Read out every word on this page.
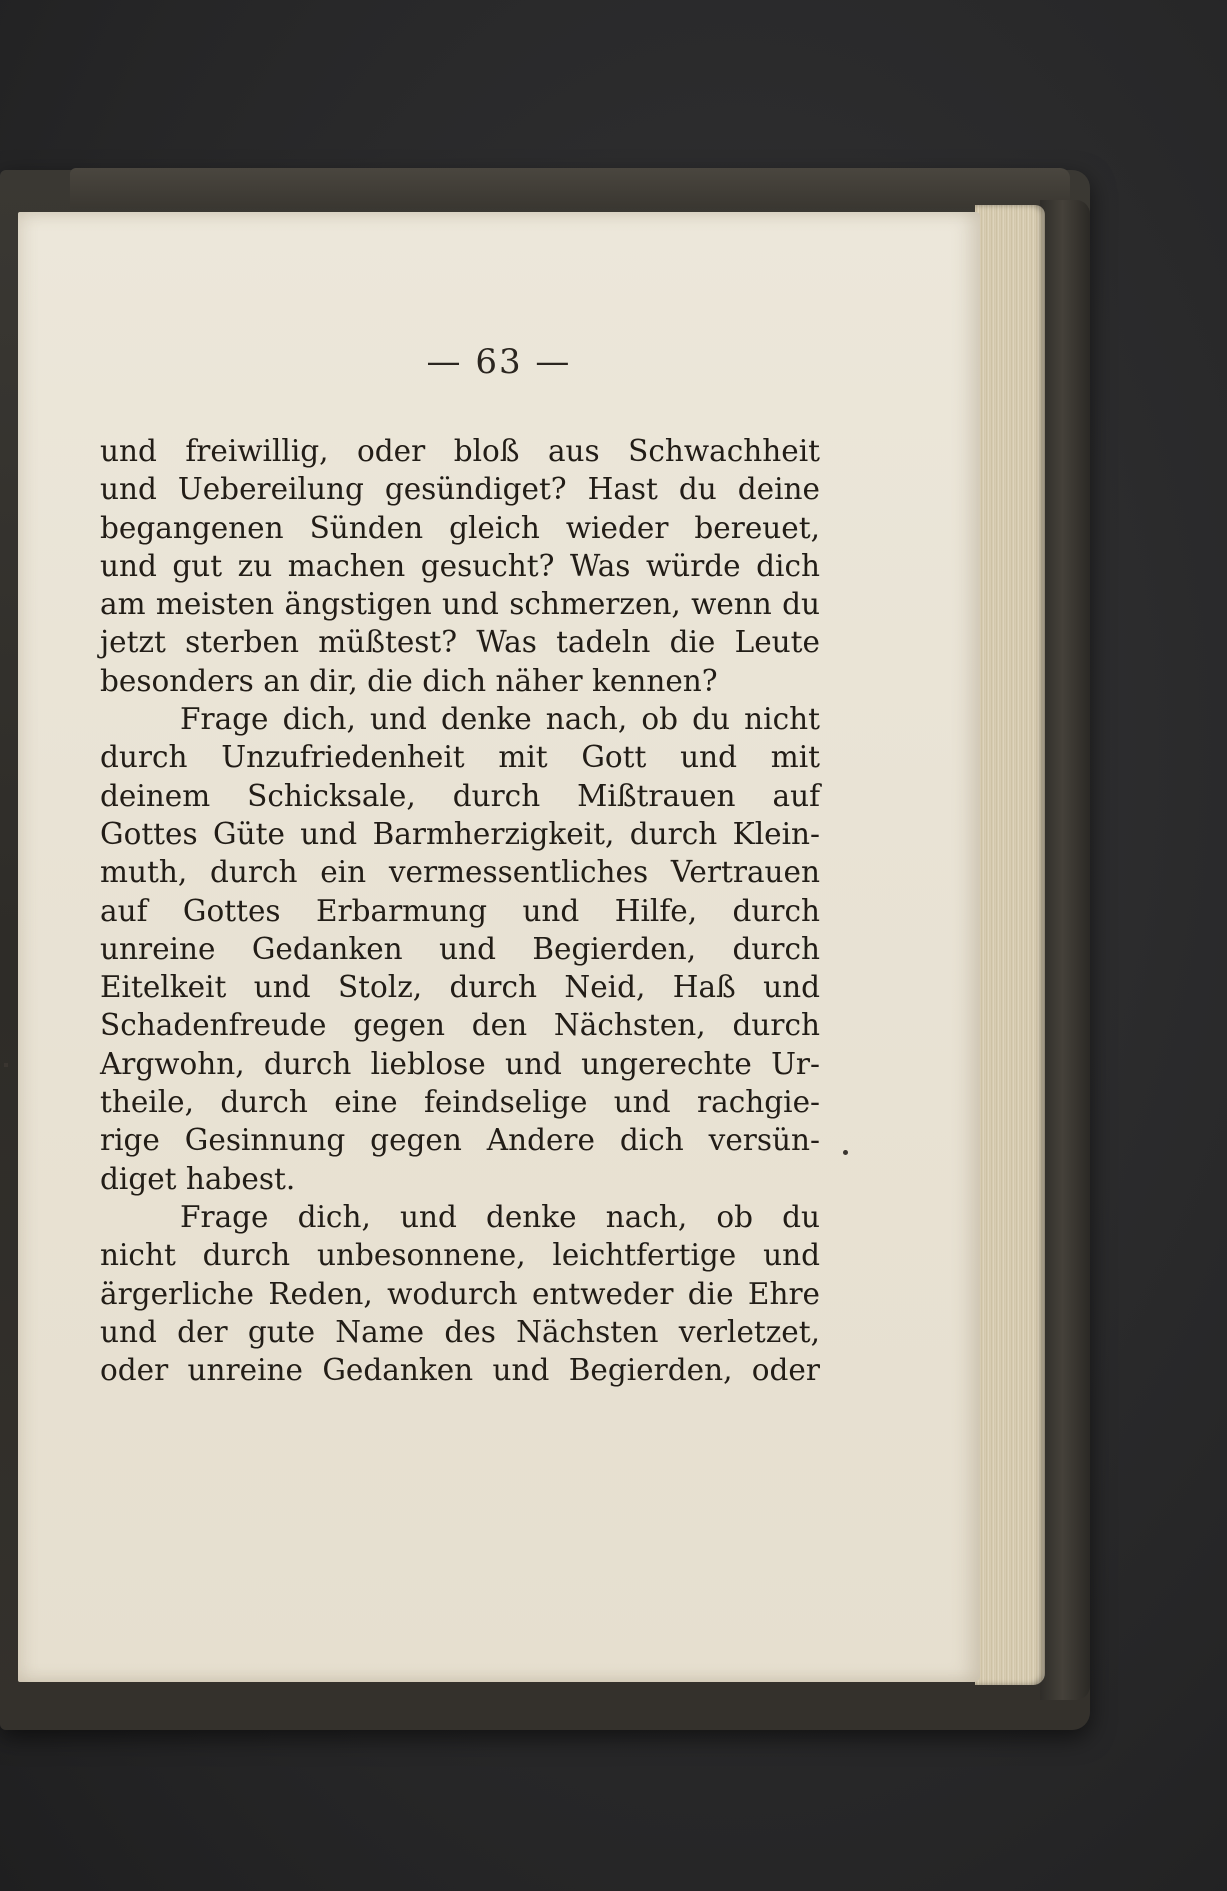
— 63 —

und freiwillig, oder bloß aus Schwachheit
und Uebereilung gesündiget? Hast du deine
begangenen Sünden gleich wieder bereuet,
und gut zu machen gesucht? Was würde dich
am meisten ängstigen und schmerzen, wenn du
jetzt sterben müßtest? Was tadeln die Leute
besonders an dir, die dich näher kennen?

Frage dich, und denke nach, ob du nicht
durch Unzufriedenheit mit Gott und mit
deinem Schicksale, durch Mißtrauen auf
Gottes Güte und Barmherzigkeit, durch Klein-
muth, durch ein vermessentliches Vertrauen
auf Gottes Erbarmung und Hilfe, durch
unreine Gedanken und Begierden, durch
Eitelkeit und Stolz, durch Neid, Haß und
Schadenfreude gegen den Nächsten, durch
Argwohn, durch lieblose und ungerechte Ur-
theile, durch eine feindselige und rachgie-
rige Gesinnung gegen Andere dich versün-
diget habest.

Frage dich, und denke nach, ob du
nicht durch unbesonnene, leichtfertige und
ärgerliche Reden, wodurch entweder die Ehre
und der gute Name des Nächsten verletzet,
oder unreine Gedanken und Begierden, oder
